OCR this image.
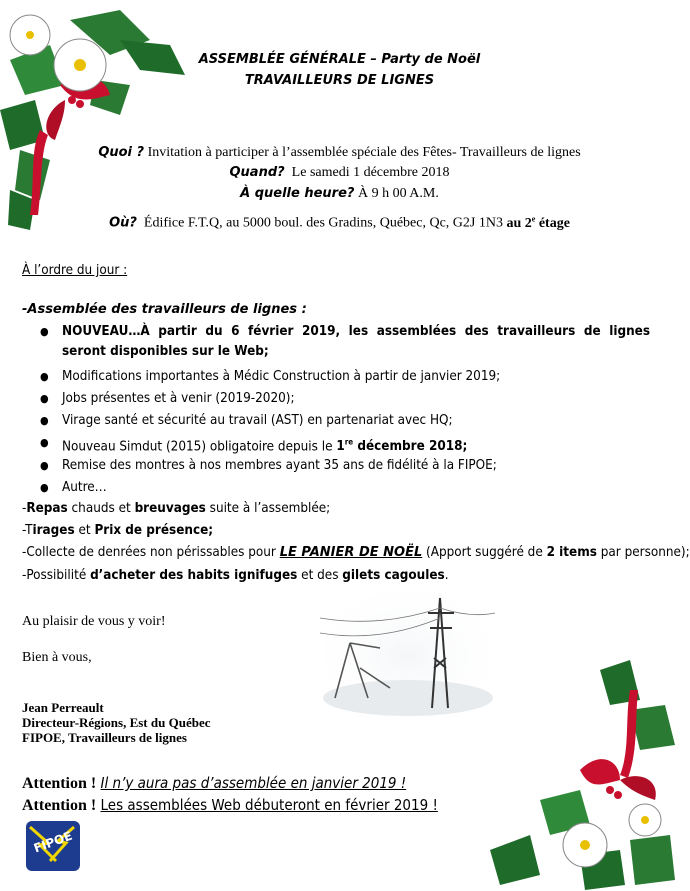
ASSEMBLÉE GÉNÉRALE – Party de Noël
TRAVAILLEURS DE LIGNES
Quoi ? Invitation à participer à l’assemblée spéciale des Fêtes- Travailleurs de lignes
Quand? Le samedi 1 décembre 2018
À quelle heure? À 9 h 00 A.M.
Où? Édifice F.T.Q, au 5000 boul. des Gradins, Québec, Qc, G2J 1N3 au 2e étage
À l’ordre du jour :
-Assemblée des travailleurs de lignes :
● NOUVEAU…À partir du 6 février 2019, les assemblées des travailleurs de lignes seront disponibles sur le Web;
● Modifications importantes à Médic Construction à partir de janvier 2019;
● Jobs présentes et à venir (2019-2020);
● Virage santé et sécurité au travail (AST) en partenariat avec HQ;
● Nouveau Simdut (2015) obligatoire depuis le 1re décembre 2018;
● Remise des montres à nos membres ayant 35 ans de fidélité à la FIPOE;
● Autre…
-Repas chauds et breuvages suite à l’assemblée;
-Tirages et Prix de présence;
-Collecte de denrées non périssables pour LE PANIER DE NOËL (Apport suggéré de 2 items par personne);
-Possibilité d’acheter des habits ignifuges et des gilets cagoules.
Au plaisir de vous y voir!
Bien à vous,
Jean Perreault
Directeur-Régions, Est du Québec
FIPOE, Travailleurs de lignes
Attention ! Il n’y aura pas d’assemblée en janvier 2019 !
Attention ! Les assemblées Web débuteront en février 2019 !
FIPOE
